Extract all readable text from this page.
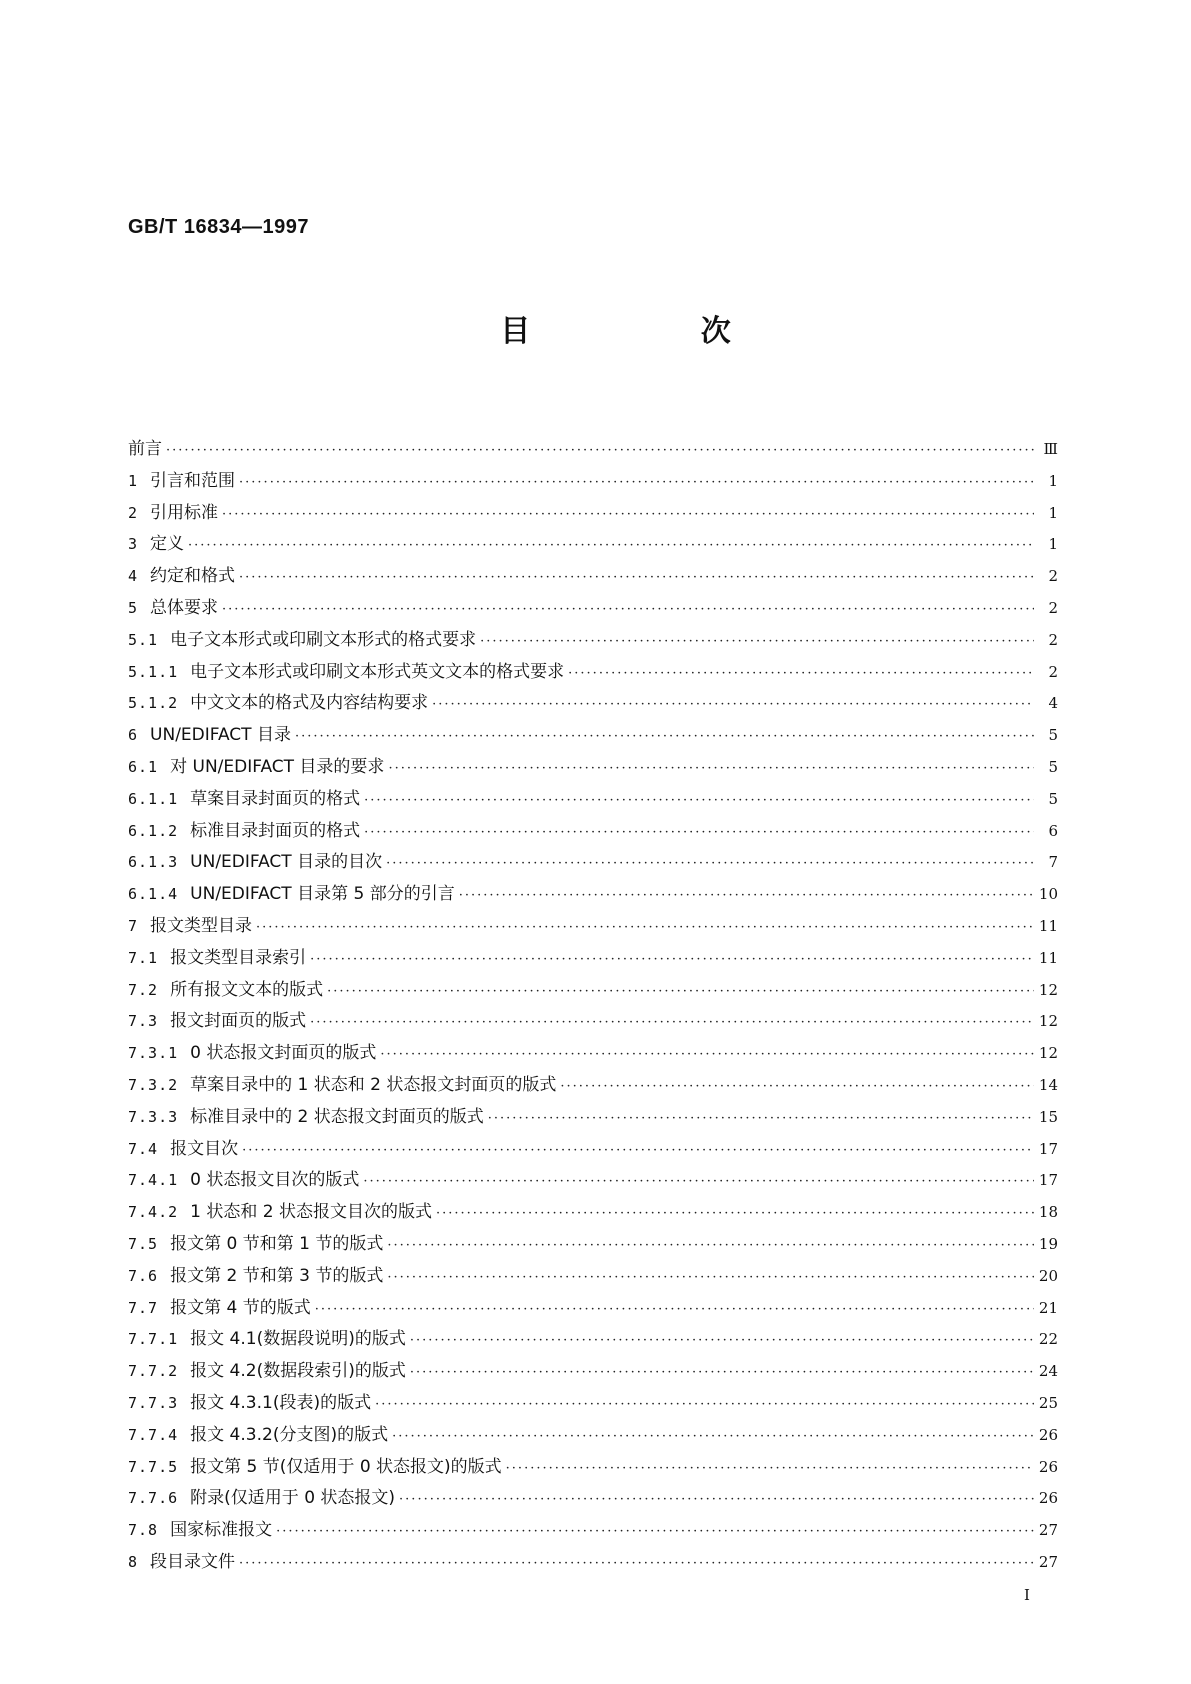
GB/T 16834—1997
目 次
前言 ·····	Ⅲ
1 引言和范围 ·····	1
2 引用标准 ·····	1
3 定义 ·····	1
4 约定和格式 ·····	2
5 总体要求 ·····	2
5.1 电子文本形式或印刷文本形式的格式要求 ·····	2
5.1.1 电子文本形式或印刷文本形式英文文本的格式要求 ·····	2
5.1.2 中文文本的格式及内容结构要求 ·····	4
6 UN/EDIFACT 目录 ·····	5
6.1 对 UN/EDIFACT 目录的要求 ·····	5
6.1.1 草案目录封面页的格式 ·····	5
6.1.2 标准目录封面页的格式 ·····	6
6.1.3 UN/EDIFACT 目录的目次 ·····	7
6.1.4 UN/EDIFACT 目录第 5 部分的引言 ·····	10
7 报文类型目录 ·····	11
7.1 报文类型目录索引 ·····	11
7.2 所有报文文本的版式 ·····	12
7.3 报文封面页的版式 ·····	12
7.3.1 0 状态报文封面页的版式 ·····	12
7.3.2 草案目录中的 1 状态和 2 状态报文封面页的版式 ·····	14
7.3.3 标准目录中的 2 状态报文封面页的版式 ·····	15
7.4 报文目次 ·····	17
7.4.1 0 状态报文目次的版式 ·····	17
7.4.2 1 状态和 2 状态报文目次的版式 ·····	18
7.5 报文第 0 节和第 1 节的版式 ·····	19
7.6 报文第 2 节和第 3 节的版式 ·····	20
7.7 报文第 4 节的版式 ·····	21
7.7.1 报文 4.1(数据段说明)的版式 ·····	22
7.7.2 报文 4.2(数据段索引)的版式 ·····	24
7.7.3 报文 4.3.1(段表)的版式 ·····	25
7.7.4 报文 4.3.2(分支图)的版式 ·····	26
7.7.5 报文第 5 节(仅适用于 0 状态报文)的版式 ·····	26
7.7.6 附录(仅适用于 0 状态报文) ·····	26
7.8 国家标准报文 ·····	27
8 段目录文件 ·····	27
I
